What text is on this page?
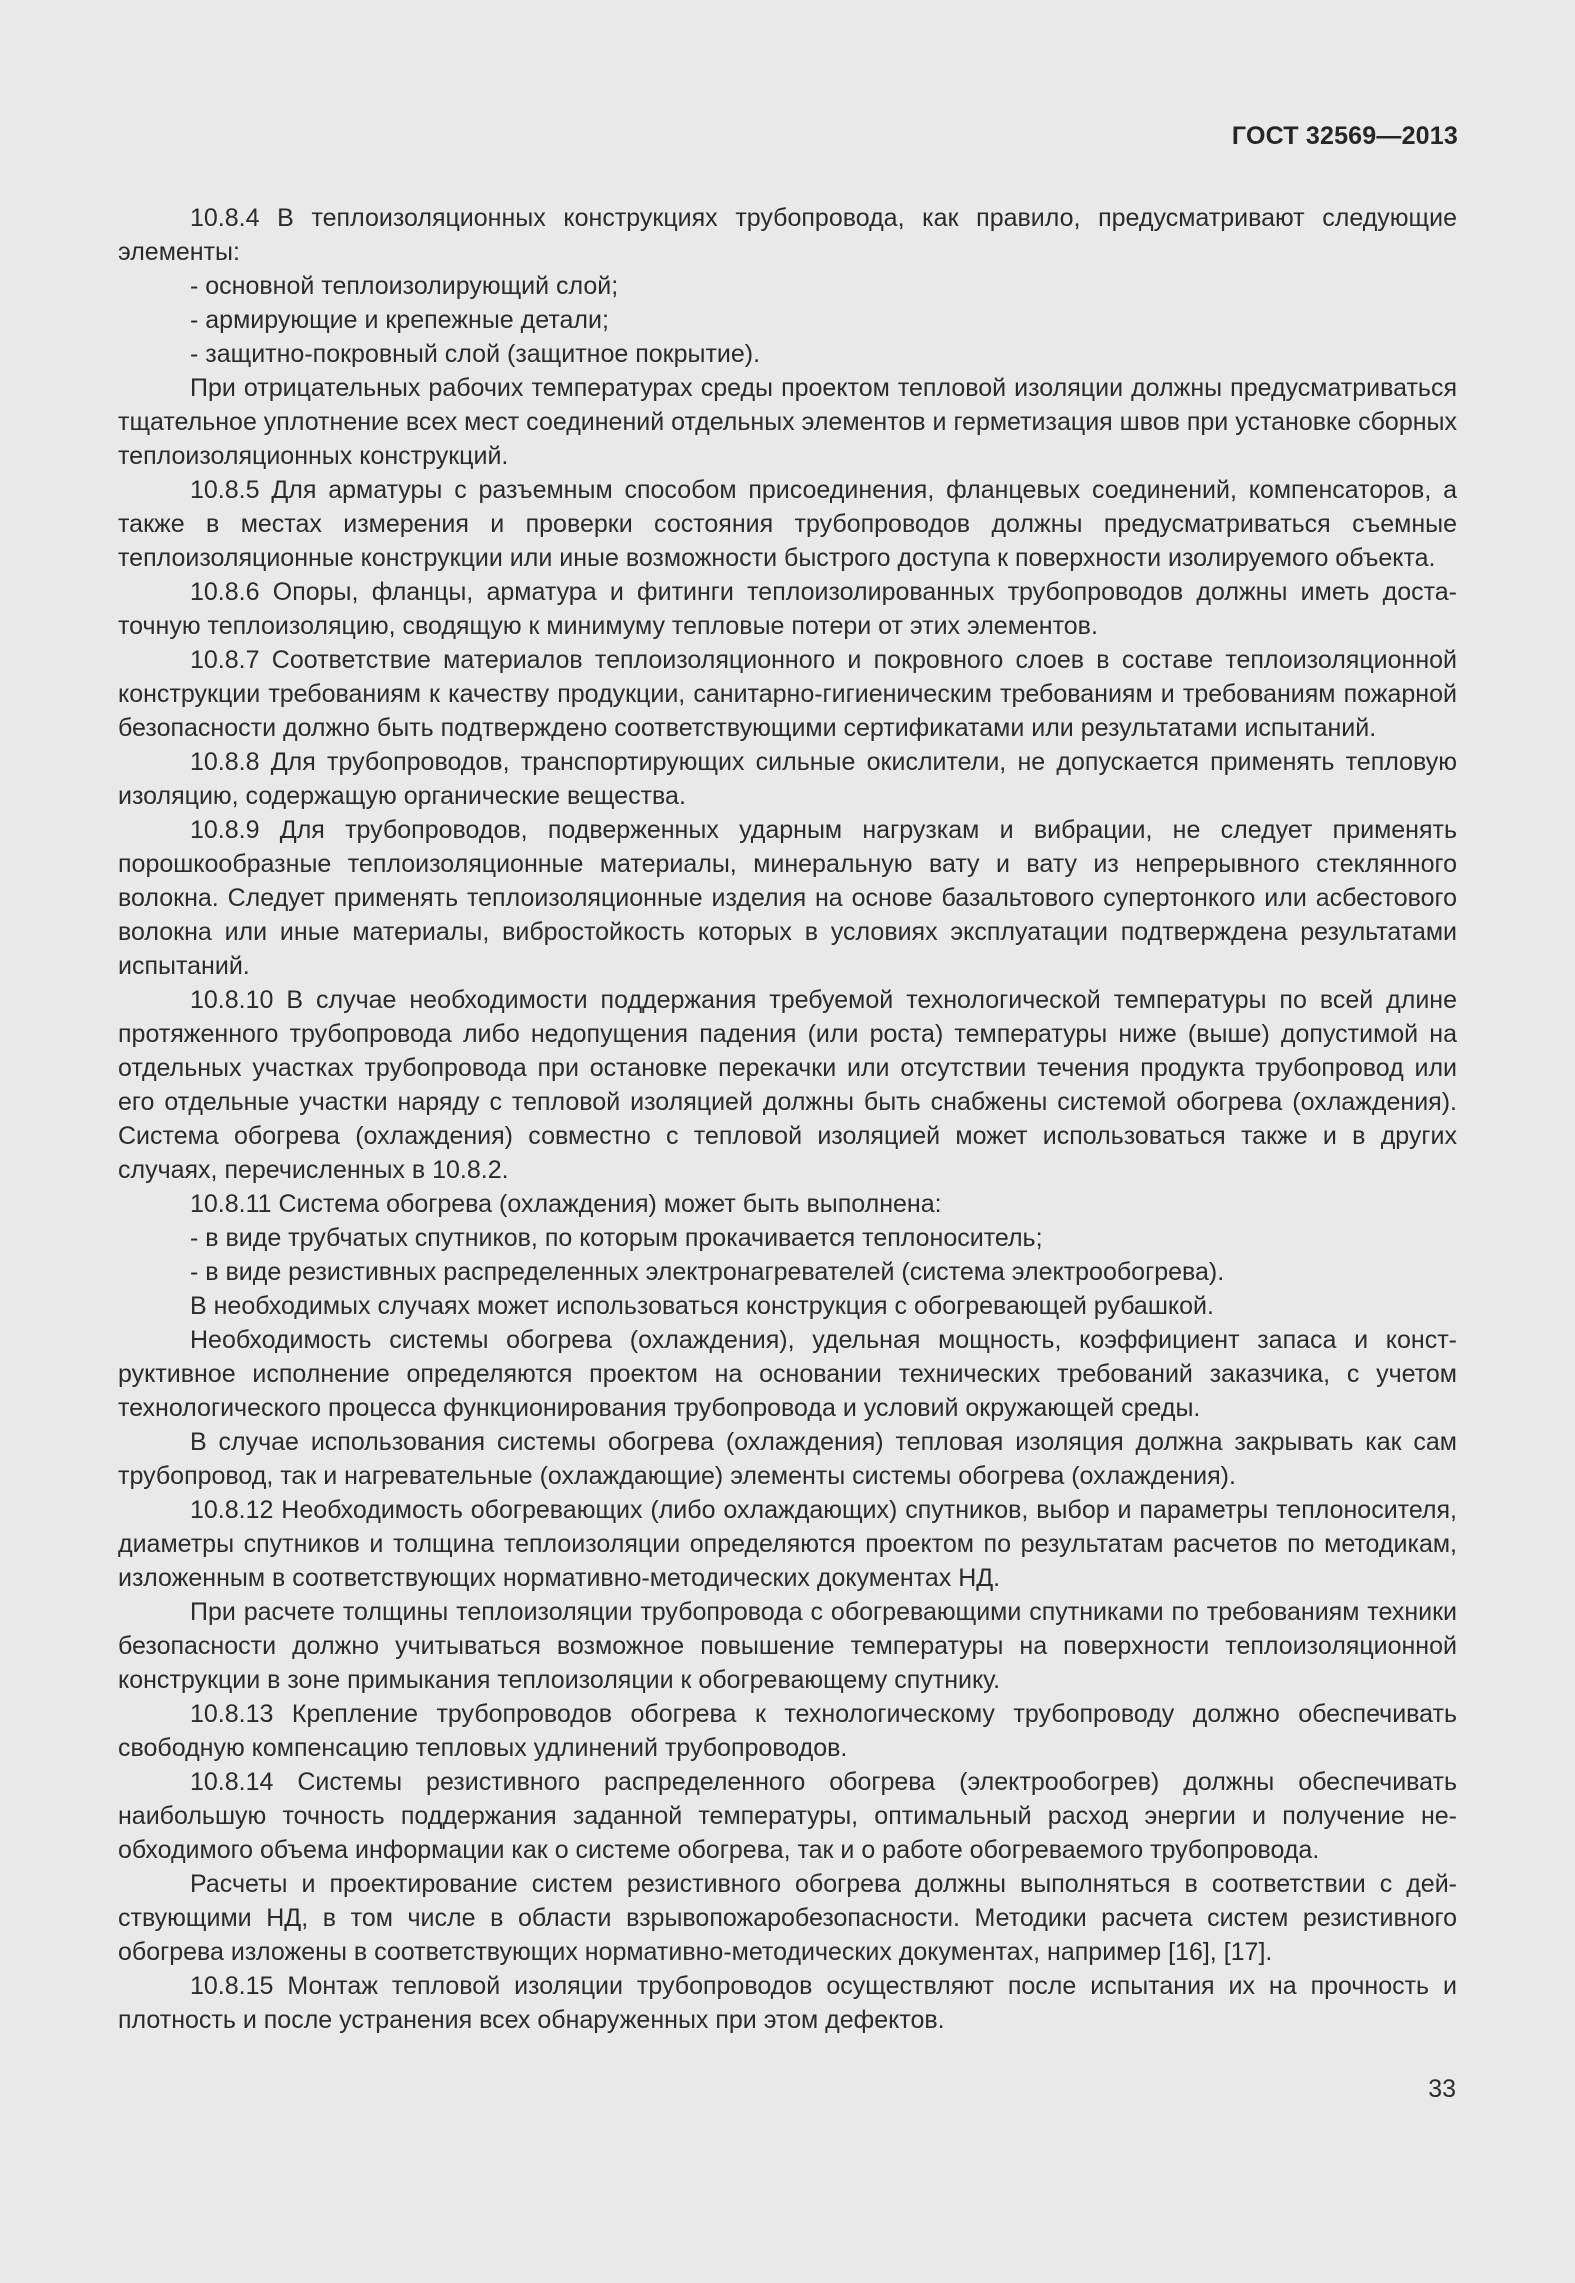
ГОСТ 32569—2013

10.8.4 В теплоизоляционных конструкциях трубопровода, как правило, предусматривают следующие элементы:

- основной теплоизолирующий слой;

- армирующие и крепежные детали;

- защитно-покровный слой (защитное покрытие).

При отрицательных рабочих температурах среды проектом тепловой изоляции должны предусматриваться тщательное уплотнение всех мест соединений отдельных элементов и герметизация швов при установке сборных теплоизоляционных конструкций.

10.8.5 Для арматуры с разъемным способом присоединения, фланцевых соединений, компенсаторов, а также в местах измерения и проверки состояния трубопроводов должны предусматриваться съемные теплоизоляционные конструкции или иные возможности быстрого доступа к поверхности изолируемого объекта.

10.8.6 Опоры, фланцы, арматура и фитинги теплоизолированных трубопроводов должны иметь достаточную теплоизоляцию, сводящую к минимуму тепловые потери от этих элементов.

10.8.7 Соответствие материалов теплоизоляционного и покровного слоев в составе теплоизоляционной конструкции требованиям к качеству продукции, санитарно-гигиеническим требованиям и требованиям пожарной безопасности должно быть подтверждено соответствующими сертификатами или результатами испытаний.

10.8.8 Для трубопроводов, транспортирующих сильные окислители, не допускается применять тепловую изоляцию, содержащую органические вещества.

10.8.9 Для трубопроводов, подверженных ударным нагрузкам и вибрации, не следует применять порошкообразные теплоизоляционные материалы, минеральную вату и вату из непрерывного стеклянного волокна. Следует применять теплоизоляционные изделия на основе базальтового супертонкого или асбестового волокна или иные материалы, вибростойкость которых в условиях эксплуатации подтверждена результатами испытаний.

10.8.10 В случае необходимости поддержания требуемой технологической температуры по всей длине протяженного трубопровода либо недопущения падения (или роста) температуры ниже (выше) допустимой на отдельных участках трубопровода при остановке перекачки или отсутствии течения продукта трубопровод или его отдельные участки наряду с тепловой изоляцией должны быть снабжены системой обогрева (охлаждения). Система обогрева (охлаждения) совместно с тепловой изоляцией может использоваться также и в других случаях, перечисленных в 10.8.2.

10.8.11 Система обогрева (охлаждения) может быть выполнена:

- в виде трубчатых спутников, по которым прокачивается теплоноситель;

- в виде резистивных распределенных электронагревателей (система электрообогрева).

В необходимых случаях может использоваться конструкция с обогревающей рубашкой.

Необходимость системы обогрева (охлаждения), удельная мощность, коэффициент запаса и конструктивное исполнение определяются проектом на основании технических требований заказчика, с учетом технологического процесса функционирования трубопровода и условий окружающей среды.

В случае использования системы обогрева (охлаждения) тепловая изоляция должна закрывать как сам трубопровод, так и нагревательные (охлаждающие) элементы системы обогрева (охлаждения).

10.8.12 Необходимость обогревающих (либо охлаждающих) спутников, выбор и параметры теплоносителя, диаметры спутников и толщина теплоизоляции определяются проектом по результатам расчетов по методикам, изложенным в соответствующих нормативно-методических документах НД.

При расчете толщины теплоизоляции трубопровода с обогревающими спутниками по требованиям техники безопасности должно учитываться возможное повышение температуры на поверхности теплоизоляционной конструкции в зоне примыкания теплоизоляции к обогревающему спутнику.

10.8.13 Крепление трубопроводов обогрева к технологическому трубопроводу должно обеспечивать свободную компенсацию тепловых удлинений трубопроводов.

10.8.14 Системы резистивного распределенного обогрева (электрообогрев) должны обеспечивать наибольшую точность поддержания заданной температуры, оптимальный расход энергии и получение необходимого объема информации как о системе обогрева, так и о работе обогреваемого трубопровода.

Расчеты и проектирование систем резистивного обогрева должны выполняться в соответствии с действующими НД, в том числе в области взрывопожаробезопасности. Методики расчета систем резистивного обогрева изложены в соответствующих нормативно-методических документах, например [16], [17].

10.8.15 Монтаж тепловой изоляции трубопроводов осуществляют после испытания их на прочность и плотность и после устранения всех обнаруженных при этом дефектов.

33
